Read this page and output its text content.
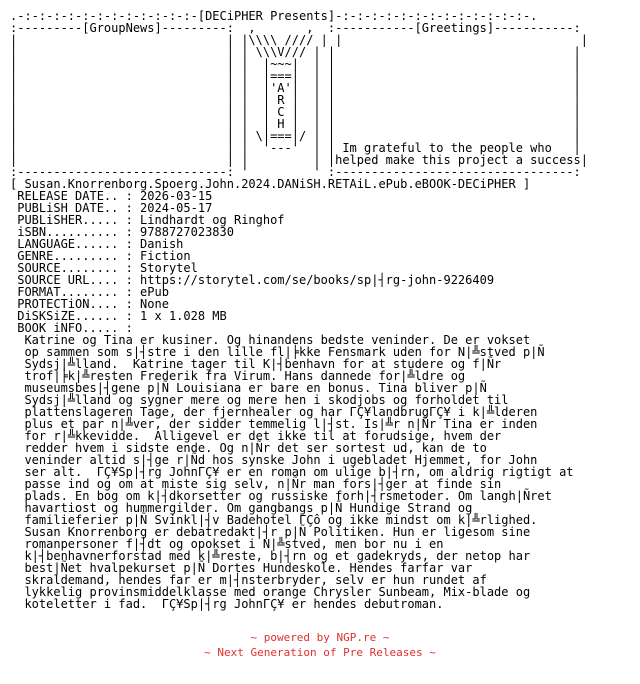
.-:-:-:-:-:-:-:-:-:-:-:-:-[DECiPHER Presents]-:-:-:-:-:-:-:-:-:-:-:-:-:-.
:---------[GroupNews]---------:  ,       ,  :-----------[Greetings]-----------:
|                             | |\\\\ //// | |                                 |
|                             | | \\\V/// | |                                 |
|                             | |  |~~~|  | |                                 |
|                             | |  |===|  | |                                 |
|                             | |  |'A'|  | |                                 |
|                             | |  | R |  | |                                 |
|                             | |  | C |  | |                                 |
|                             | |  | H |  | |                                 |
|                             | | \|===|/ | |                                 |
|                             | |  '---'  | | Im grateful to the people who   |
|                             | |         | |helped make this project a success|
:-----------------------------: '         ' :---------------------------------:
[ Susan.Knorrenborg.Spoerg.John.2024.DANiSH.RETAiL.ePub.eBOOK-DECiPHER ]
RELEASE DATE.. : 2026-03-15
PUBLiSH DATE.. : 2024-05-17
PUBLiSHER..... : Lindhardt og Ringhof
iSBN.......... : 9788727023830
LANGUAGE...... : Danish
GENRE......... : Fiction
SOURCE........ : Storytel
SOURCE URL.... : https://storytel.com/se/books/sp|┤rg-john-9226409
FORMAT........ : ePub
PROTECTiON.... : None
DiSKSiZE...... : 1 x 1.028 MB
BOOK iNFO..... :
Katrine og Tina er kusiner. Og hinandens bedste veninder. De er vokset
op sammen som s|┤stre i den lille fl|╞kke Fensmark uden for N|╩stved p|Ñ
Sydsj|╩lland.  Katrine tager til K|┤benhavn for at studere og f|Ñr
trof|╞k|╩resten Frederik fra Virum. Hans dannede for|╩ldre og
museumsbes|┤gene p|Ñ Louisiana er bare en bonus. Tina bliver p|Ñ
Sydsj|╩lland og sygner mere og mere hen i skodjobs og forholdet til
plattenslageren Tage, der fjernhealer og har ΓÇ¥landbrugΓÇ¥ i k|╩lderen
plus et par n|╩ver, der sidder temmelig l|┤st. Is|╩r n|Ñr Tina er inden
for r|╩kkevidde.  Alligevel er det ikke til at forudsige, hvem der
redder hvem i sidste ende. Og n|Ñr det ser sortest ud, kan de to
veninder altid s|┤ge r|Ñd hos synske John i ugebladet Hjemmet, for John
ser alt.  ΓÇ¥Sp|┤rg JohnΓÇ¥ er en roman om ulige b|┤rn, om aldrig rigtigt at
passe ind og om at miste sig selv, n|Ñr man fors|┤ger at finde sin
plads. En bog om k|┤dkorsetter og russiske forh|┤rsmetoder. Om langh|Ñret
havartiost og hummergilder. Om gangbangs p|Ñ Hundige Strand og
familieferier p|Ñ Svinkl|┤v Badehotel ΓÇô og ikke mindst om k|╩rlighed.
Susan Knorrenborg er debatredakt|┤r p|Ñ Politiken. Hun er ligesom sine
romanpersoner f|┤dt og opokset i N|╩stved, men bor nu i en
k|┤benhavnerforstad med k|╩reste, b|┤rn og et gadekryds, der netop har
best|Ñet hvalpekurset p|Ñ Dortes Hundeskole. Hendes farfar var
skraldemand, hendes far er m|┤nsterbryder, selv er hun rundet af
lykkelig provinsmiddelklasse med orange Chrysler Sunbeam, Mix-blade og
koteletter i fad.  ΓÇ¥Sp|┤rg JohnΓÇ¥ er hendes debutroman.
~ powered by NGP.re ~
~ Next Generation of Pre Releases ~
